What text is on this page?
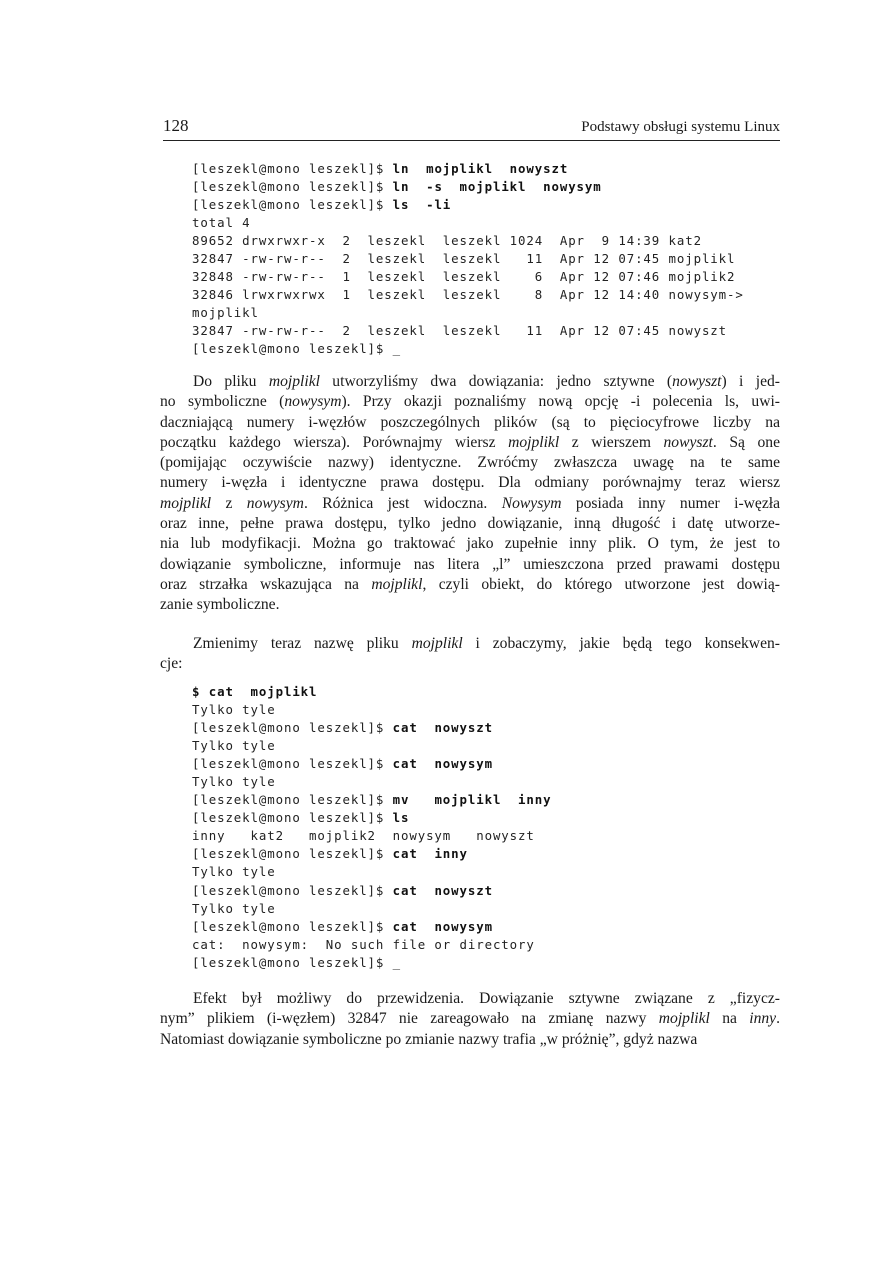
128	Podstawy obsługi systemu Linux
[leszekl@mono leszekl]$ ln  mojplikl  nowyszt
[leszekl@mono leszekl]$ ln  -s  mojplikl  nowysym
[leszekl@mono leszekl]$ ls  -li
total 4
89652 drwxrwxr-x  2  leszekl  leszekl 1024  Apr  9 14:39 kat2
32847 -rw-rw-r--  2  leszekl  leszekl   11  Apr 12 07:45 mojplikl
32848 -rw-rw-r--  1  leszekl  leszekl    6  Apr 12 07:46 mojplik2
32846 lrwxrwxrwx  1  leszekl  leszekl    8  Apr 12 14:40 nowysym->
mojplikl
32847 -rw-rw-r--  2  leszekl  leszekl   11  Apr 12 07:45 nowyszt
[leszekl@mono leszekl]$ _
Do pliku mojplikl utworzyliśmy dwa dowiązania: jedno sztywne (nowyszt) i jed-
no symboliczne (nowysym). Przy okazji poznaliśmy nową opcję -i polecenia ls, uwi-
daczniającą numery i-węzłów poszczególnych plików (są to pięciocyfrowe liczby na
początku każdego wiersza). Porównajmy wiersz mojplikl z wierszem nowyszt. Są one
(pomijając oczywiście nazwy) identyczne. Zwróćmy zwłaszcza uwagę na te same
numery i-węzła i identyczne prawa dostępu. Dla odmiany porównajmy teraz wiersz
mojplikl z nowysym. Różnica jest widoczna. Nowysym posiada inny numer i-węzła
oraz inne, pełne prawa dostępu, tylko jedno dowiązanie, inną długość i datę utworze-
nia lub modyfikacji. Można go traktować jako zupełnie inny plik. O tym, że jest to
dowiązanie symboliczne, informuje nas litera „l” umieszczona przed prawami dostępu
oraz strzałka wskazująca na mojplikl, czyli obiekt, do którego utworzone jest dowią-
zanie symboliczne.
Zmienimy teraz nazwę pliku mojplikl i zobaczymy, jakie będą tego konsekwen-
cje:
$ cat  mojplikl
Tylko tyle
[leszekl@mono leszekl]$ cat  nowyszt
Tylko tyle
[leszekl@mono leszekl]$ cat  nowysym
Tylko tyle
[leszekl@mono leszekl]$ mv   mojplikl  inny
[leszekl@mono leszekl]$ ls
inny   kat2   mojplik2  nowysym   nowyszt
[leszekl@mono leszekl]$ cat  inny
Tylko tyle
[leszekl@mono leszekl]$ cat  nowyszt
Tylko tyle
[leszekl@mono leszekl]$ cat  nowysym
cat:  nowysym:  No such file or directory
[leszekl@mono leszekl]$ _
Efekt był możliwy do przewidzenia. Dowiązanie sztywne związane z „fizycz-
nym” plikiem (i-węzłem) 32847 nie zareagowało na zmianę nazwy mojplikl na inny.
Natomiast dowiązanie symboliczne po zmianie nazwy trafia „w próżnię”, gdyż nazwa
